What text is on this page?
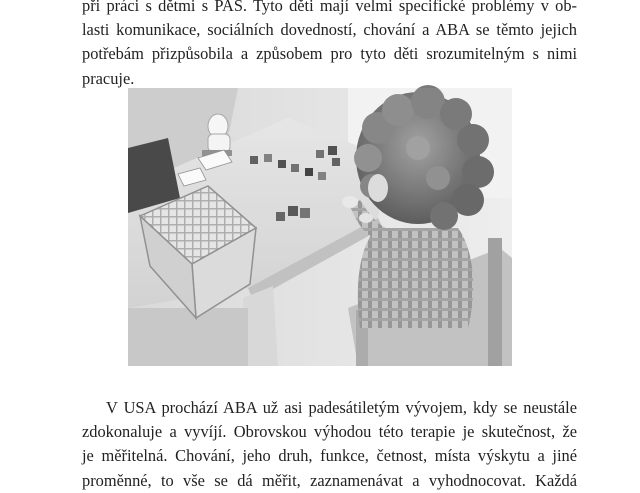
při práci s dětmi s PAS. Tyto děti mají velmi specifické problémy v ob-
lasti komunikace, sociálních dovedností, chování a ABA se těmto jejich
potřebám přizpůsobila a způsobem pro tyto děti srozumitelným s nimi
pracuje.
V USA prochází ABA už asi padesátiletým vývojem, kdy se neustále
zdokonaluje a vyvíjí. Obrovskou výhodou této terapie je skutečnost, že
je měřitelná. Chování, jeho druh, funkce, četnost, místa výskytu a jiné
proměnné, to vše se dá měřit, zaznamenávat a vyhodnocovat. Každá
